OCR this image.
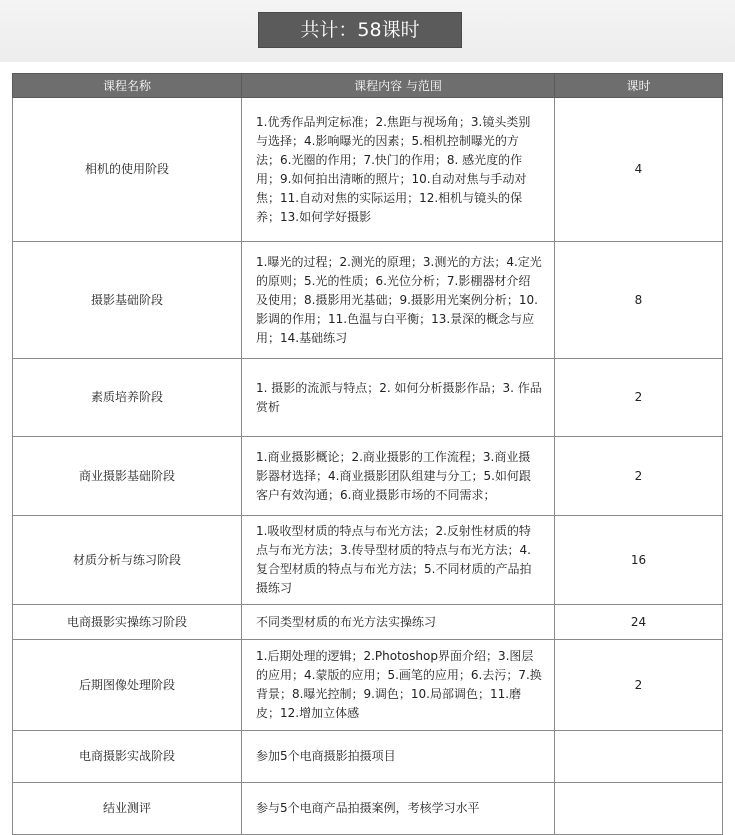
共计：58课时
课程名称	课程内容 与范围	课时
相机的使用阶段	1.优秀作品判定标准；2.焦距与视场角；3.镜头类别与选择；4.影响曝光的因素；5.相机控制曝光的方法；6.光圈的作用；7.快门的作用；8. 感光度的作用；9.如何拍出清晰的照片；10.自动对焦与手动对焦；11.自动对焦的实际运用；12.相机与镜头的保养；13.如何学好摄影	4
摄影基础阶段	1.曝光的过程；2.测光的原理；3.测光的方法；4.定光的原则；5.光的性质；6.光位分析；7.影棚器材介绍及使用；8.摄影用光基础；9.摄影用光案例分析；10.影调的作用；11.色温与白平衡；13.景深的概念与应用；14.基础练习	8
素质培养阶段	1. 摄影的流派与特点；2. 如何分析摄影作品；3. 作品赏析	2
商业摄影基础阶段	1.商业摄影概论；2.商业摄影的工作流程；3.商业摄影器材选择；4.商业摄影团队组建与分工；5.如何跟客户有效沟通；6.商业摄影市场的不同需求；	2
材质分析与练习阶段	1.吸收型材质的特点与布光方法；2.反射性材质的特点与布光方法；3.传导型材质的特点与布光方法；4.复合型材质的特点与布光方法；5.不同材质的产品拍摄练习	16
电商摄影实操练习阶段	不同类型材质的布光方法实操练习	24
后期图像处理阶段	1.后期处理的逻辑；2.Photoshop界面介绍；3.图层的应用；4.蒙版的应用；5.画笔的应用；6.去污；7.换背景；8.曝光控制；9.调色；10.局部调色；11.磨皮；12.增加立体感	2
电商摄影实战阶段	参加5个电商摄影拍摄项目	
结业测评	参与5个电商产品拍摄案例，考核学习水平	
